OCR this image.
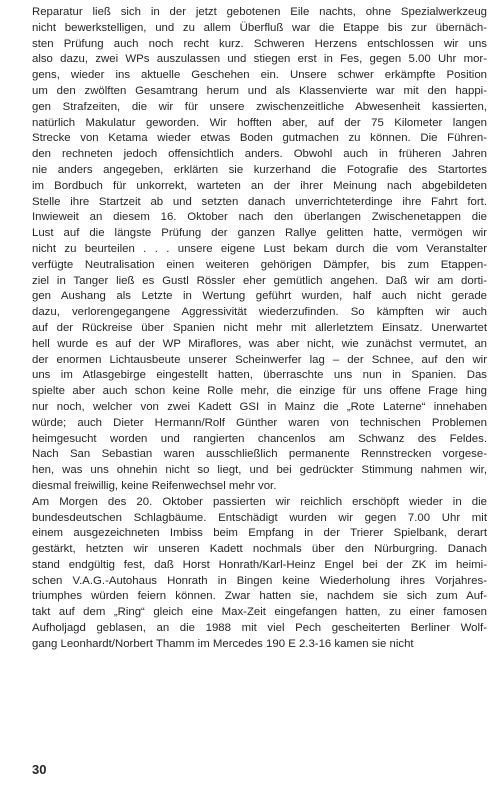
Reparatur ließ sich in der jetzt gebotenen Eile nachts, ohne Spezialwerkzeug
nicht bewerkstelligen, und zu allem Überfluß war die Etappe bis zur übernäch-
sten Prüfung auch noch recht kurz. Schweren Herzens entschlossen wir uns
also dazu, zwei WPs auszulassen und stiegen erst in Fes, gegen 5.00 Uhr mor-
gens, wieder ins aktuelle Geschehen ein. Unsere schwer erkämpfte Position
um den zwölften Gesamtrang herum und als Klassenvierte war mit den happi-
gen Strafzeiten, die wir für unsere zwischenzeitliche Abwesenheit kassierten,
natürlich Makulatur geworden. Wir hofften aber, auf der 75 Kilometer langen
Strecke von Ketama wieder etwas Boden gutmachen zu können. Die Führen-
den rechneten jedoch offensichtlich anders. Obwohl auch in früheren Jahren
nie anders angegeben, erklärten sie kurzerhand die Fotografie des Startortes
im Bordbuch für unkorrekt, warteten an der ihrer Meinung nach abgebildeten
Stelle ihre Startzeit ab und setzten danach unverrichteterdinge ihre Fahrt fort.
Inwieweit an diesem 16. Oktober nach den überlangen Zwischenetappen die
Lust auf die längste Prüfung der ganzen Rallye gelitten hatte, vermögen wir
nicht zu beurteilen . . . unsere eigene Lust bekam durch die vom Veranstalter
verfügte Neutralisation einen weiteren gehörigen Dämpfer, bis zum Etappen-
ziel in Tanger ließ es Gustl Rössler eher gemütlich angehen. Daß wir am dorti-
gen Aushang als Letzte in Wertung geführt wurden, half auch nicht gerade
dazu, verlorengegangene Aggressivität wiederzufinden. So kämpften wir auch
auf der Rückreise über Spanien nicht mehr mit allerletztem Einsatz. Unerwartet
hell wurde es auf der WP Miraflores, was aber nicht, wie zunächst vermutet, an
der enormen Lichtausbeute unserer Scheinwerfer lag – der Schnee, auf den wir
uns im Atlasgebirge eingestellt hatten, überraschte uns nun in Spanien. Das
spielte aber auch schon keine Rolle mehr, die einzige für uns offene Frage hing
nur noch, welcher von zwei Kadett GSI in Mainz die „Rote Laterne“ innehaben
würde; auch Dieter Hermann/Rolf Günther waren von technischen Problemen
heimgesucht worden und rangierten chancenlos am Schwanz des Feldes.
Nach San Sebastian waren ausschließlich permanente Rennstrecken vorgese-
hen, was uns ohnehin nicht so liegt, und bei gedrückter Stimmung nahmen wir,
diesmal freiwillig, keine Reifenwechsel mehr vor.
Am Morgen des 20. Oktober passierten wir reichlich erschöpft wieder in die
bundesdeutschen Schlagbäume. Entschädigt wurden wir gegen 7.00 Uhr mit
einem ausgezeichneten Imbiss beim Empfang in der Trierer Spielbank, derart
gestärkt, hetzten wir unseren Kadett nochmals über den Nürburgring. Danach
stand endgültig fest, daß Horst Honrath/Karl-Heinz Engel bei der ZK im heimi-
schen V.A.G.-Autohaus Honrath in Bingen keine Wiederholung ihres Vorjahres-
triumphes würden feiern können. Zwar hatten sie, nachdem sie sich zum Auf-
takt auf dem „Ring“ gleich eine Max-Zeit eingefangen hatten, zu einer famosen
Aufholjagd geblasen, an die 1988 mit viel Pech gescheiterten Berliner Wolf-
gang Leonhardt/Norbert Thamm im Mercedes 190 E 2.3-16 kamen sie nicht
30
